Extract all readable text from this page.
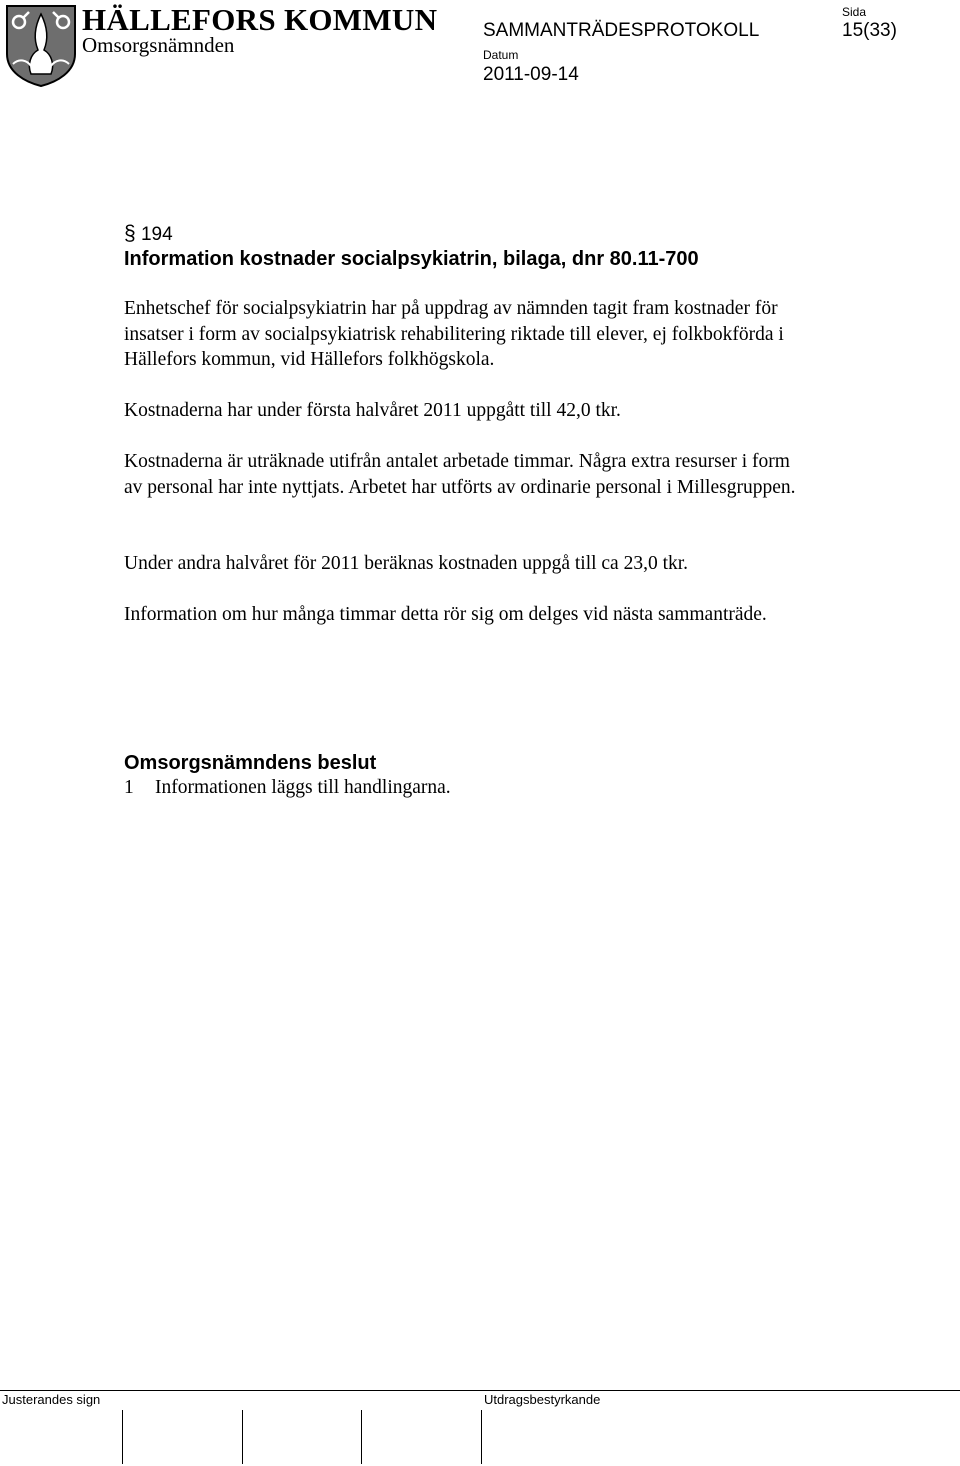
HÄLLEFORS KOMMUN
Omsorgsnämnden
SAMMANTRÄDESPROTOKOLL
Sida
15(33)
Datum
2011-09-14
§ 194
Information kostnader socialpsykiatrin, bilaga, dnr 80.11-700
Enhetschef för socialpsykiatrin har på uppdrag av nämnden tagit fram kostnader för insatser i form av socialpsykiatrisk rehabilitering riktade till elever, ej folkbokförda i Hällefors kommun, vid Hällefors folkhögskola.
Kostnaderna har under första halvåret 2011 uppgått till 42,0 tkr.
Kostnaderna är uträknade utifrån antalet arbetade timmar. Några extra resurser i form av personal har inte nyttjats. Arbetet har utförts av ordinarie personal i Millesgruppen.
Under andra halvåret för 2011 beräknas kostnaden uppgå till ca 23,0 tkr.
Information om hur många timmar detta rör sig om delges vid nästa sammanträde.
Omsorgsnämndens beslut
1 Informationen läggs till handlingarna.
Justerandes sign	Utdragsbestyrkande
